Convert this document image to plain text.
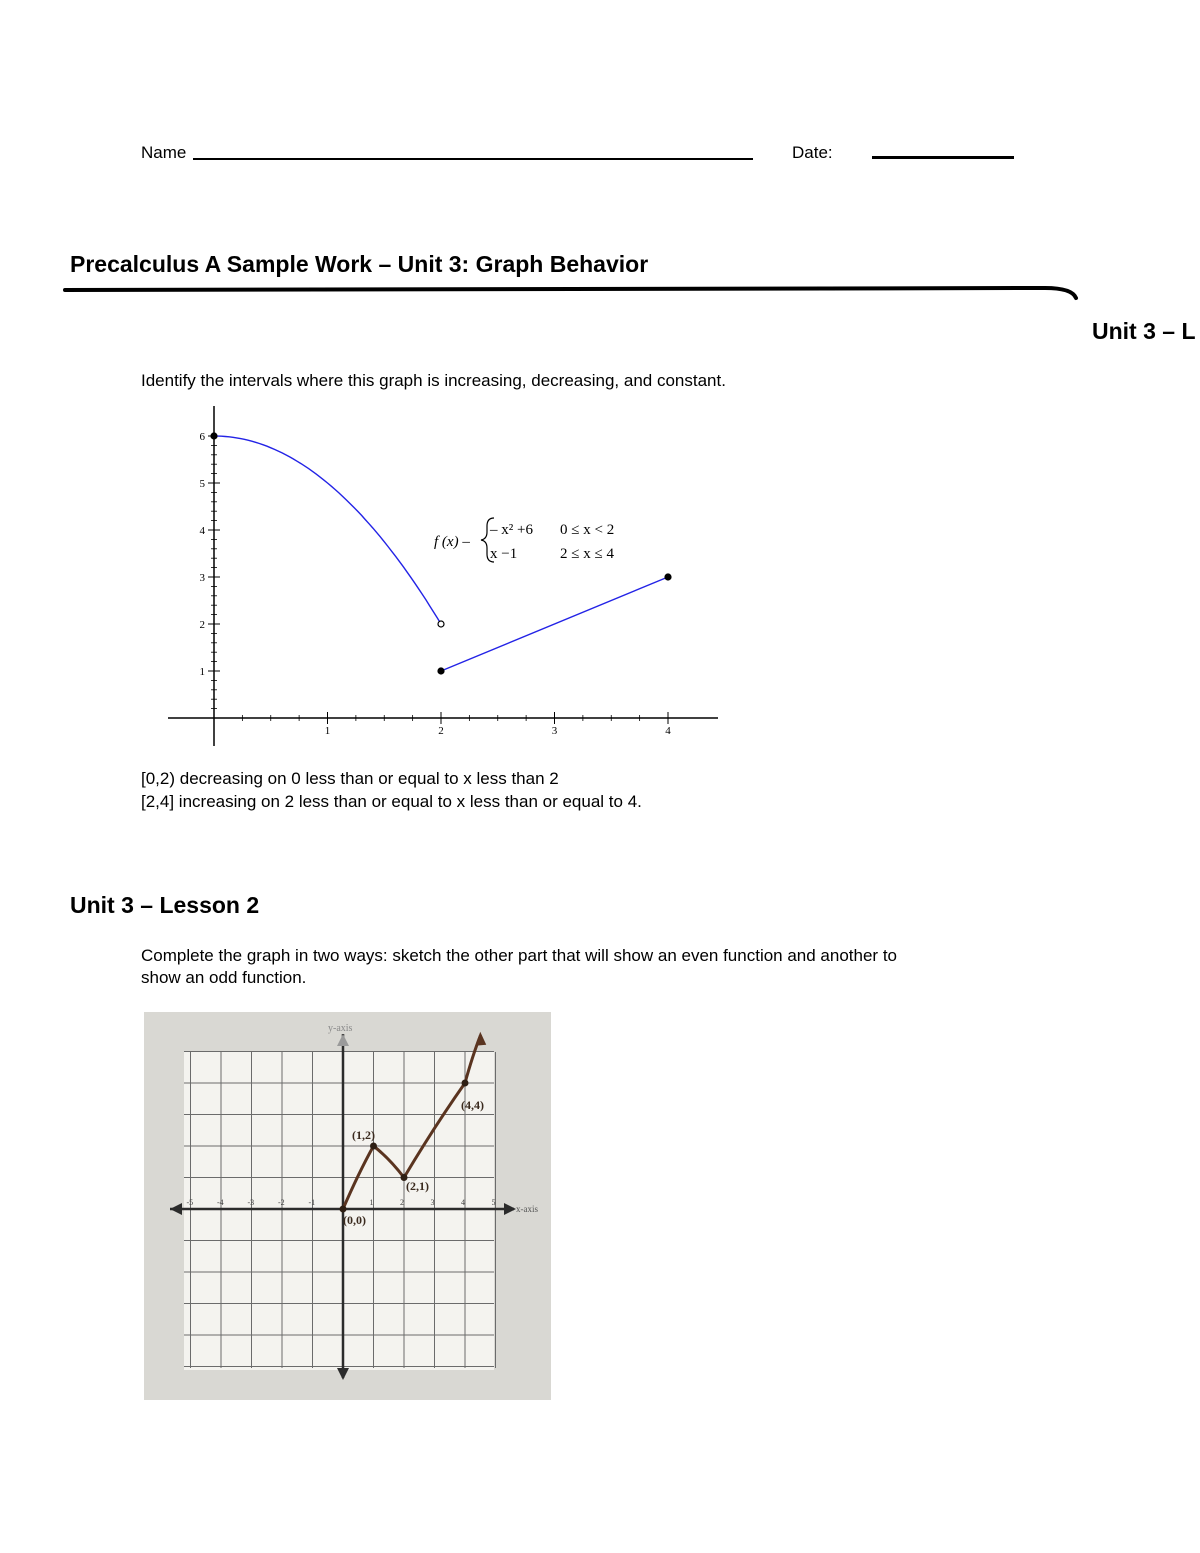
Name	Date:
Precalculus A Sample Work – Unit 3: Graph Behavior
Unit 3 – L
Identify the intervals where this graph is increasing, decreasing, and constant.
1	2	3	4
1
2
3
4
5
6
f (x) –
– x² +6 0 ≤ x < 2
x −1	2 ≤ x ≤ 4
[0,2) decreasing on 0 less than or equal to x less than 2
[2,4] increasing on 2 less than or equal to x less than or equal to 4.
Unit 3 – Lesson 2
Complete the graph in two ways: sketch the other part that will show an even function and another to
show an odd function.
-5	-4	-3	-2	-1	1	2	3	4	5
y-axis
x-axis
(0,0)
(1,2)
(2,1)
(4,4)
